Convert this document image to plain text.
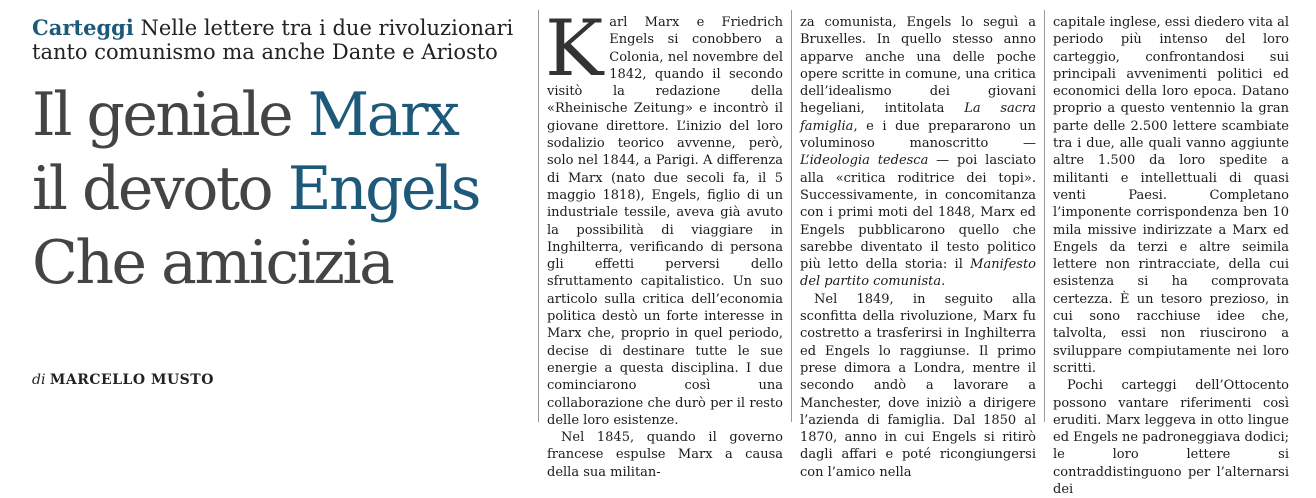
Carteggi Nelle lettere tra i due rivoluzionari
tanto comunismo ma anche Dante e Ariosto

Il geniale Marx
il devoto Engels
Che amicizia
di MARCELLO MUSTO

Karl Marx e Friedrich Engels si conobbero a Colonia, nel novembre del 1842, quando il secondo visitò la redazione della «Rheinische Zeitung» e incontrò il giovane direttore. L’inizio del loro sodalizio teorico avvenne, però, solo nel 1844, a Parigi. A differenza di Marx (nato due secoli fa, il 5 maggio 1818), Engels, figlio di un industriale tessile, aveva già avuto la possibilità di viaggiare in Inghilterra, verificando di persona gli effetti perversi dello sfruttamento capitalistico. Un suo articolo sulla critica dell’economia politica destò un forte interesse in Marx che, proprio in quel periodo, decise di destinare tutte le sue energie a questa disciplina. I due cominciarono così una collaborazione che durò per il resto delle loro esistenze.

Nel 1845, quando il governo francese espulse Marx a causa della sua militan-

za comunista, Engels lo seguì a Bruxelles. In quello stesso anno apparve anche una delle poche opere scritte in comune, una critica dell’idealismo dei giovani hegeliani, intitolata La sacra famiglia, e i due prepararono un voluminoso manoscritto — L’ideologia tedesca — poi lasciato alla «critica roditrice dei topi». Successivamente, in concomitanza con i primi moti del 1848, Marx ed Engels pubblicarono quello che sarebbe diventato il testo politico più letto della storia: il Manifesto del partito comunista.

Nel 1849, in seguito alla sconfitta della rivoluzione, Marx fu costretto a trasferirsi in Inghilterra ed Engels lo raggiunse. Il primo prese dimora a Londra, mentre il secondo andò a lavorare a Manchester, dove iniziò a dirigere l’azienda di famiglia. Dal 1850 al 1870, anno in cui Engels si ritirò dagli affari e poté ricongiungersi con l’amico nella

capitale inglese, essi diedero vita al periodo più intenso del loro carteggio, confrontandosi sui principali avvenimenti politici ed economici della loro epoca. Datano proprio a questo ventennio la gran parte delle 2.500 lettere scambiate tra i due, alle quali vanno aggiunte altre 1.500 da loro spedite a militanti e intellettuali di quasi venti Paesi. Completano l’imponente corrispondenza ben 10 mila missive indirizzate a Marx ed Engels da terzi e altre seimila lettere non rintracciate, della cui esistenza si ha comprovata certezza. È un tesoro prezioso, in cui sono racchiuse idee che, talvolta, essi non riuscirono a sviluppare compiutamente nei loro scritti.

Pochi carteggi dell’Ottocento possono vantare riferimenti così eruditi. Marx leggeva in otto lingue ed Engels ne padroneggiava dodici; le loro lettere si contraddistinguono per l’alternarsi dei
